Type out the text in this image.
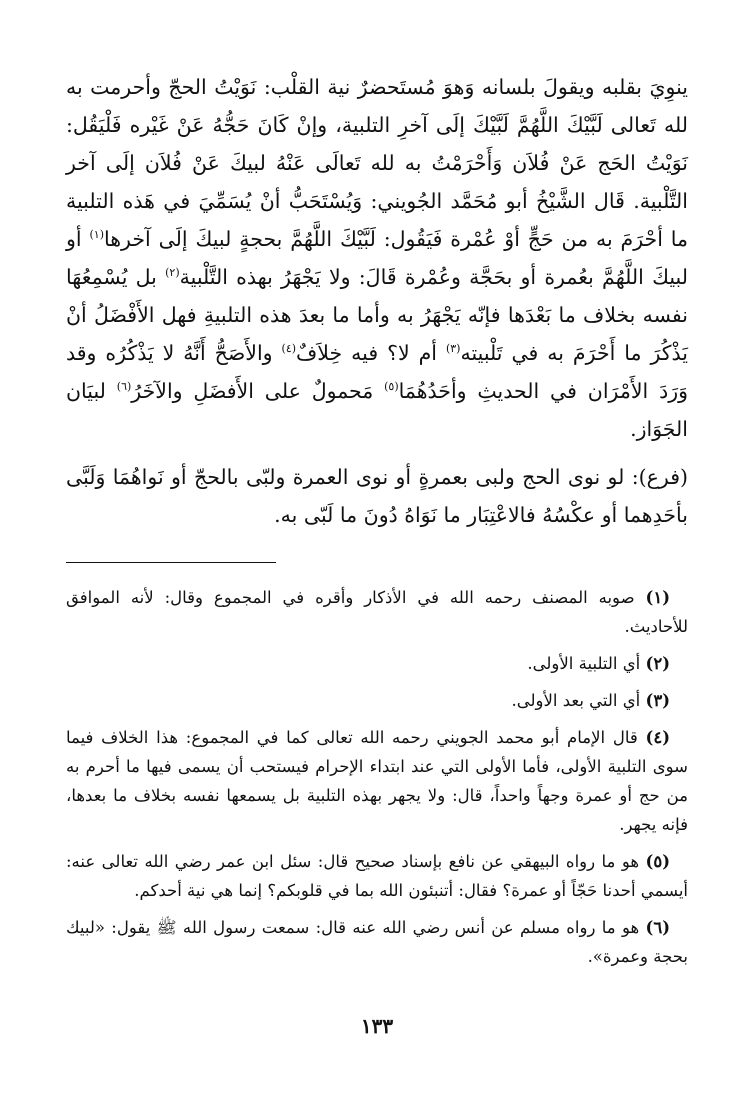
ينوِيَ بقلبه ويقولَ بلسانه وَهوَ مُستَحضرٌ نية القلْب: نَوَيْتُ الحجّ وأحرمت به لله تَعالى لَبَّيْكَ اللَّهُمَّ لَبَّيْكَ إلَى آخرِ التلبية، وإنْ كَانَ حَجُّهُ عَنْ غَيْره فَلْيَقُل: نَوَيْتُ الحَج عَنْ فُلاَن وَأَحْرَمْتُ به لله تَعالَى عَنْهُ لبيكَ عَنْ فُلاَن إلَى آخر التَّلْبية. قَال الشَّيْخُ أبو مُحَمَّد الجُويني: وَيُسْتَحَبُّ أنْ يُسَمِّيَ في هَذه التلبية ما أحْرَمَ به من حَجٍّ أوْ عُمْرة فَيَقُول: لَبَّيْكَ اللَّهُمَّ بحجةٍ لبيكَ إلَى آخرها$^{(١)}$ أو لبيكَ اللَّهُمَّ بعُمرة أو بحَجَّة وعُمْرة قَالَ: ولا يَجْهَرُ بهذه التَّلْبية$^{(٢)}$ بل يُسْمِعُهَا نفسه بخلاف ما بَعْدَها فإنّه يَجْهَرُ به وأما ما بعدَ هذه التلبيةِ فهل الأَفْضَلُ أنْ يَذْكُرَ ما أَحْرَمَ به في تَلْبيته$^{(٣)}$ أم لا؟ فيه خِلاَفٌ$^{(٤)}$ والأَصَحُّ أَنَّهُ لا يَذْكُرُه وقد وَرَدَ الأَمْرَان في الحديثِ وأحَدُهُمَا$^{(٥)}$ مَحمولٌ على الأَفضَلِ والآخَرُ$^{(٦)}$ لبيَان الجَوَاز.

(فرع): لو نوى الحج ولبى بعمرةٍ أو نوى العمرة ولبّى بالحجّ أو نَواهُمَا وَلَبَّى بأحَدِهما أو عكْسُهُ فالاعْتِبَار ما نَوَاهُ دُونَ ما لَبّى به.

(١) صوبه المصنف رحمه الله في الأذكار وأقره في المجموع وقال: لأنه الموافق للأحاديث.

(٢) أي التلبية الأولى.

(٣) أي التي بعد الأولى.

(٤) قال الإمام أبو محمد الجويني رحمه الله تعالى كما في المجموع: هذا الخلاف فيما سوى التلبية الأولى، فأما الأولى التي عند ابتداء الإحرام فيستحب أن يسمى فيها ما أحرم به من حج أو عمرة وجهاً واحداً، قال: ولا يجهر بهذه التلبية بل يسمعها نفسه بخلاف ما بعدها، فإنه يجهر.

(٥) هو ما رواه البيهقي عن نافع بإسناد صحيح قال: سئل ابن عمر رضي الله تعالى عنه: أيسمي أحدنا حَجّاً أو عمرة؟ فقال: أتنبئون الله بما في قلوبكم؟ إنما هي نية أحدكم.

(٦) هو ما رواه مسلم عن أنس رضي الله عنه قال: سمعت رسول الله ﷺ يقول: «لبيك بحجة وعمرة».

١٣٣
